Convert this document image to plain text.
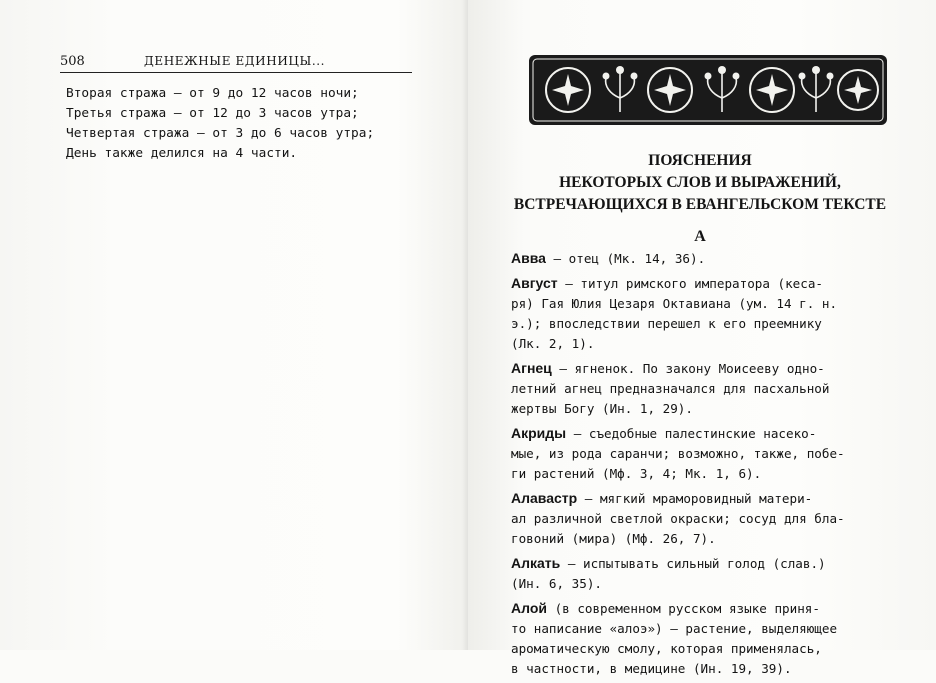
508	ДЕНЕЖНЫЕ ЕДИНИЦЫ...
Вторая стража – от 9 до 12 часов ночи;
Третья стража – от 12 до 3 часов утра;
Четвертая стража – от 3 до 6 часов утра;
День также делился на 4 части.	ПОЯСНЕНИЯ
НЕКОТОРЫХ СЛОВ И ВЫРАЖЕНИЙ,
ВСТРЕЧАЮЩИХСЯ В ЕВАНГЕЛЬСКОМ ТЕКСТЕ
А
Авва – отец (Мк. 14, 36).
Август – титул римского императора (кеса-
ря) Гая Юлия Цезаря Октавиана (ум. 14 г. н.
э.); впоследствии перешел к его преемнику
(Лк. 2, 1).
Агнец – ягненок. По закону Моисееву одно-
летний агнец предназначался для пасхальной
жертвы Богу (Ин. 1, 29).
Акриды – съедобные палестинские насеко-
мые, из рода саранчи; возможно, также, побе-
ги растений (Мф. 3, 4; Мк. 1, 6).
Алавастр – мягкий мрамoровидный матери-
ал различной светлой окраски; сосуд для бла-
говоний (мира) (Мф. 26, 7).
Алкать – испытывать сильный голод (слав.)
(Ин. 6, 35).
Алой (в современном русском языке приня-
то написание «алоэ») – растение, выделяющее
ароматическую смолу, которая применялась,
в частности, в медицине (Ин. 19, 39).
